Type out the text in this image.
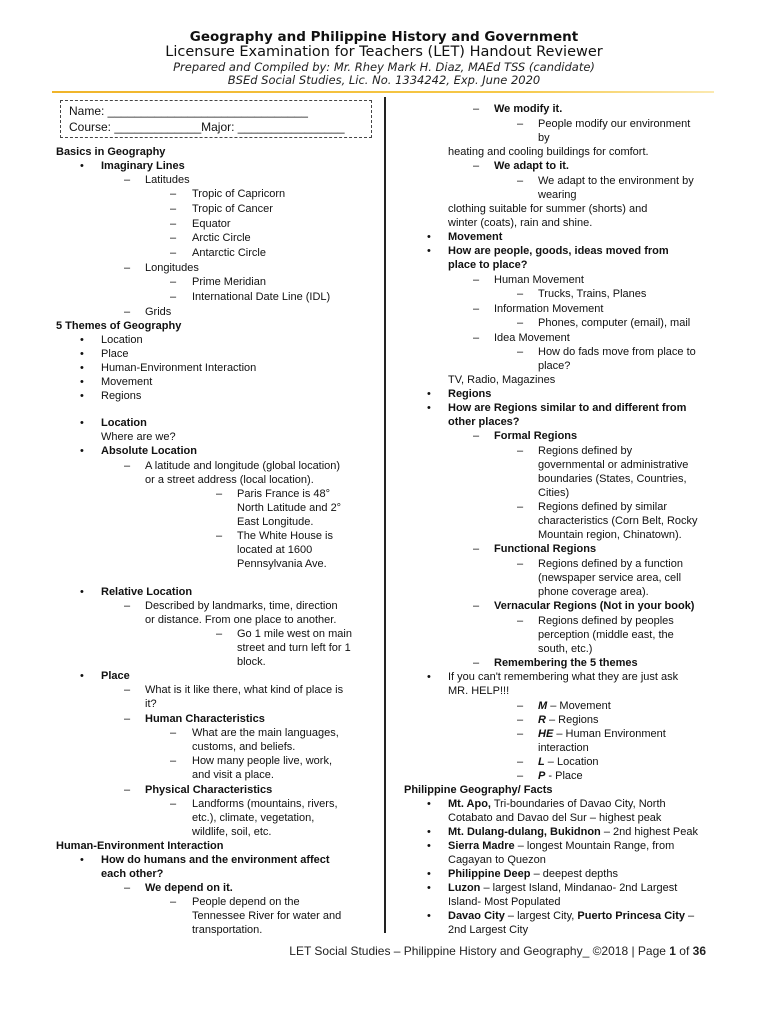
Geography and Philippine History and Government
Licensure Examination for Teachers (LET) Handout Reviewer
Prepared and Compiled by: Mr. Rhey Mark H. Diaz, MAEd TSS (candidate)
BSEd Social Studies, Lic. No. 1334242, Exp. June 2020
Name: ______________________________
Course: _____________Major: ________________
Basics in Geography
• Imaginary Lines
– Latitudes
– Tropic of Capricorn
– Tropic of Cancer
– Equator
– Arctic Circle
– Antarctic Circle
– Longitudes
– Prime Meridian
– International Date Line (IDL)
– Grids
5 Themes of Geography
• Location
• Place
• Human-Environment Interaction
• Movement
• Regions
• Location
Where are we?
• Absolute Location
– A latitude and longitude (global location)
or a street address (local location).
– Paris France is 48°
North Latitude and 2°
East Longitude.
– The White House is
located at 1600
Pennsylvania Ave.
• Relative Location
– Described by landmarks, time, direction
or distance. From one place to another.
– Go 1 mile west on main
street and turn left for 1
block.
• Place
– What is it like there, what kind of place is
it?
– Human Characteristics
– What are the main languages,
customs, and beliefs.
– How many people live, work,
and visit a place.
– Physical Characteristics
– Landforms (mountains, rivers,
etc.), climate, vegetation,
wildlife, soil, etc.
Human-Environment Interaction
• How do humans and the environment affect
each other?
– We depend on it.
– People depend on the
Tennessee River for water and
transportation.
– We modify it.
– People modify our environment
by
heating and cooling buildings for comfort.
– We adapt to it.
– We adapt to the environment by
wearing
clothing suitable for summer (shorts) and
winter (coats), rain and shine.
• Movement
• How are people, goods, ideas moved from
place to place?
– Human Movement
– Trucks, Trains, Planes
– Information Movement
– Phones, computer (email), mail
– Idea Movement
– How do fads move from place to
place?
TV, Radio, Magazines
• Regions
• How are Regions similar to and different from
other places?
– Formal Regions
– Regions defined by
governmental or administrative
boundaries (States, Countries,
Cities)
– Regions defined by similar
characteristics (Corn Belt, Rocky
Mountain region, Chinatown).
– Functional Regions
– Regions defined by a function
(newspaper service area, cell
phone coverage area).
– Vernacular Regions (Not in your book)
– Regions defined by peoples
perception (middle east, the
south, etc.)
– Remembering the 5 themes
• If you can't remembering what they are just ask
MR. HELP!!!
– M – Movement
– R – Regions
– HE – Human Environment
interaction
– L – Location
– P - Place
Philippine Geography/ Facts
• Mt. Apo, Tri-boundaries of Davao City, North
Cotabato and Davao del Sur – highest peak
• Mt. Dulang-dulang, Bukidnon – 2nd highest Peak
• Sierra Madre – longest Mountain Range, from
Cagayan to Quezon
• Philippine Deep – deepest depths
• Luzon – largest Island, Mindanao- 2nd Largest
Island- Most Populated
• Davao City – largest City, Puerto Princesa City –
2nd Largest City
LET Social Studies – Philippine History and Geography_ ©2018 | Page 1 of 36
